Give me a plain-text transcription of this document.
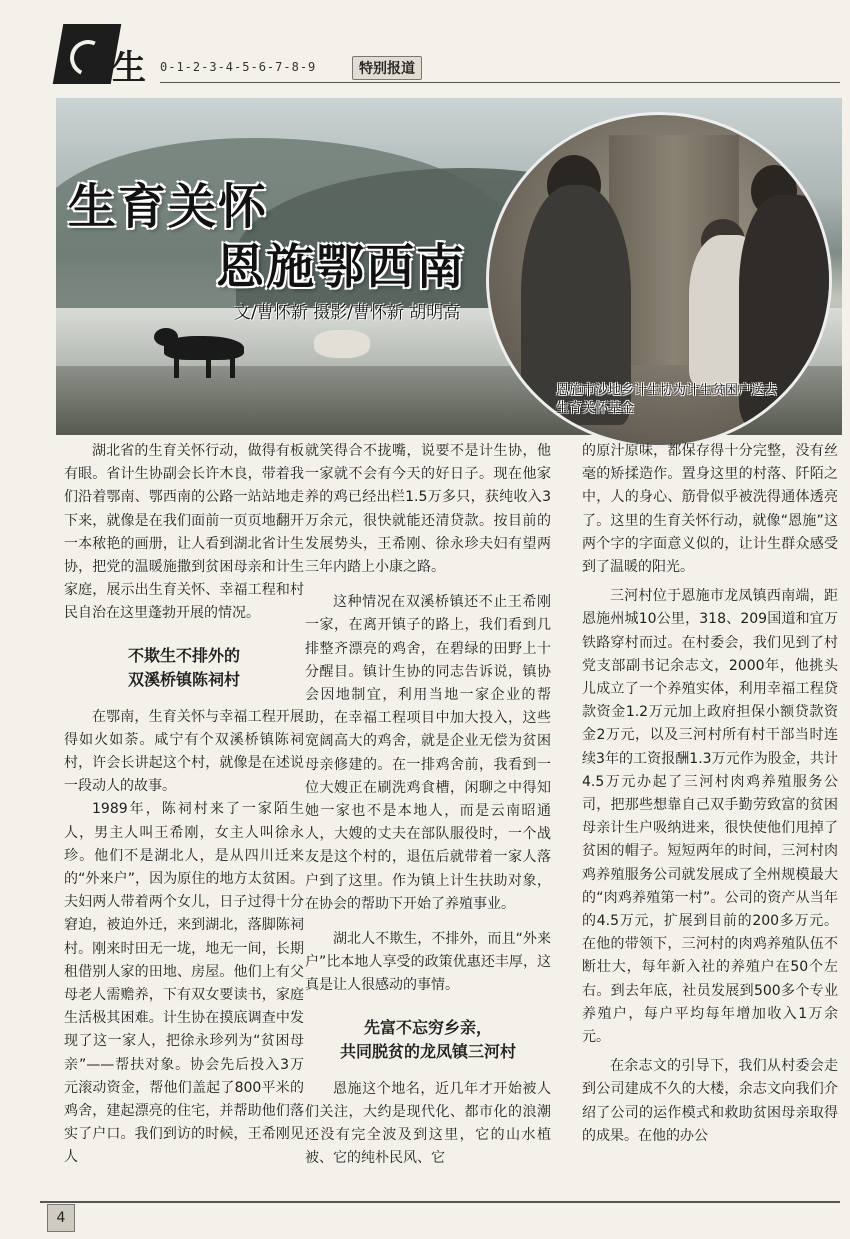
生 0-1-2-3-4-5-6-7-8-9	特别报道
生育关怀
恩施鄂西南
文/曹怀新 摄影/曹怀新 胡明高
恩施市沙地乡计生协为计生贫困户送去生育关怀基金

湖北省的生育关怀行动，做得有板有眼。省计生协副会长许木良，带着我们沿着鄂南、鄂西南的公路一站站地走下来，就像是在我们面前一页页地翻开一本秾艳的画册，让人看到湖北省计生协，把党的温暖施撒到贫困母亲和计生家庭，展示出生育关怀、幸福工程和村民自治在这里蓬勃开展的情况。

不欺生不排外的
双溪桥镇陈祠村

在鄂南，生育关怀与幸福工程开展得如火如荼。咸宁有个双溪桥镇陈祠村，许会长讲起这个村，就像是在述说一段动人的故事。

1989年，陈祠村来了一家陌生人，男主人叫王希刚，女主人叫徐永珍。他们不是湖北人，是从四川迁来的“外来户”，因为原住的地方太贫困。夫妇两人带着两个女儿，日子过得十分窘迫，被迫外迁，来到湖北，落脚陈祠村。刚来时田无一垅，地无一间，长期租借别人家的田地、房屋。他们上有父母老人需赡养，下有双女要读书，家庭生活极其困难。计生协在摸底调查中发现了这一家人，把徐永珍列为“贫困母亲”——帮扶对象。协会先后投入3万元滚动资金，帮他们盖起了800平米的鸡舍，建起漂亮的住宅，并帮助他们落实了户口。我们到访的时候，王希刚见人

就笑得合不拢嘴，说要不是计生协，他一家就不会有今天的好日子。现在他家养的鸡已经出栏1.5万多只，获纯收入3万余元，很快就能还清贷款。按目前的发展势头，王希刚、徐永珍夫妇有望两三年内踏上小康之路。

这种情况在双溪桥镇还不止王希刚一家，在离开镇子的路上，我们看到几排整齐漂亮的鸡舍，在碧绿的田野上十分醒目。镇计生协的同志告诉说，镇协会因地制宜，利用当地一家企业的帮助，在幸福工程项目中加大投入，这些宽阔高大的鸡舍，就是企业无偿为贫困母亲修建的。在一排鸡舍前，我看到一位大嫂正在刷洗鸡食槽，闲聊之中得知她一家也不是本地人，而是云南昭通人，大嫂的丈夫在部队服役时，一个战友是这个村的，退伍后就带着一家人落户到了这里。作为镇上计生扶助对象，在协会的帮助下开始了养殖事业。

湖北人不欺生，不排外，而且“外来户”比本地人享受的政策优惠还丰厚，这真是让人很感动的事情。

先富不忘穷乡亲，
共同脱贫的龙凤镇三河村

恩施这个地名，近几年才开始被人们关注，大约是现代化、都市化的浪潮还没有完全波及到这里，它的山水植被、它的纯朴民风、它

的原汁原味，都保存得十分完整，没有丝毫的矫揉造作。置身这里的村落、阡陌之中，人的身心、筋骨似乎被洗得通体透亮了。这里的生育关怀行动，就像“恩施”这两个字的字面意义似的，让计生群众感受到了温暖的阳光。

三河村位于恩施市龙凤镇西南端，距恩施州城10公里，318、209国道和宜万铁路穿村而过。在村委会，我们见到了村党支部副书记余志文，2000年，他挑头儿成立了一个养殖实体，利用幸福工程贷款资金1.2万元加上政府担保小额贷款资金2万元，以及三河村所有村干部当时连续3年的工资报酬1.3万元作为股金，共计4.5万元办起了三河村肉鸡养殖服务公司，把那些想靠自己双手勤劳致富的贫困母亲计生户吸纳进来，很快使他们甩掉了贫困的帽子。短短两年的时间，三河村肉鸡养殖服务公司就发展成了全州规模最大的“肉鸡养殖第一村”。公司的资产从当年的4.5万元，扩展到目前的200多万元。在他的带领下，三河村的肉鸡养殖队伍不断壮大，每年新入社的养殖户在50个左右。到去年底，社员发展到500多个专业养殖户，每户平均每年增加收入1万余元。

在余志文的引导下，我们从村委会走到公司建成不久的大楼，余志文向我们介绍了公司的运作模式和救助贫困母亲取得的成果。在他的办公

4
